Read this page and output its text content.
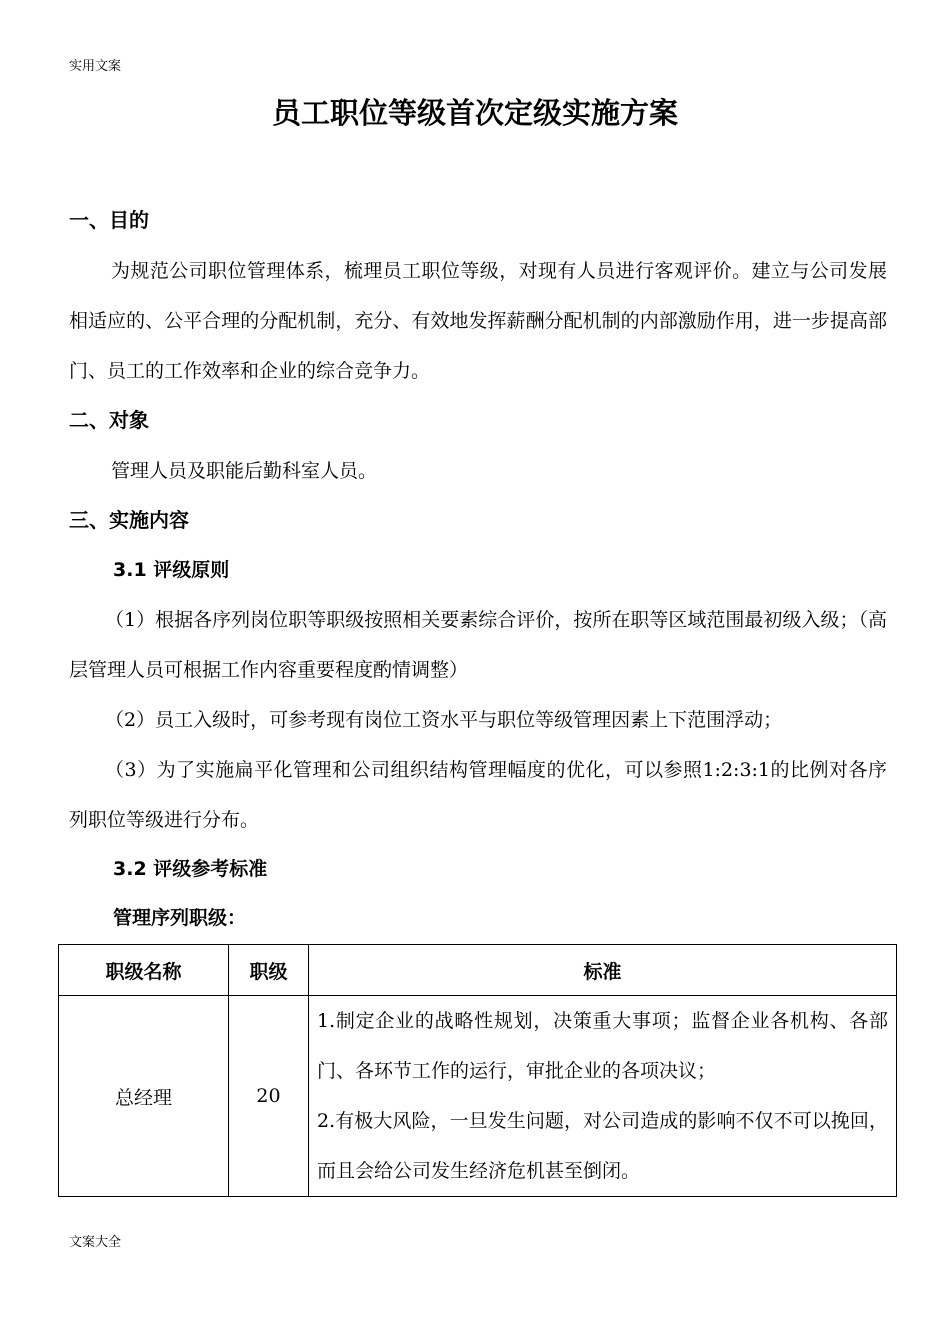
实用文案
员工职位等级首次定级实施方案
一、目的
为规范公司职位管理体系，梳理员工职位等级，对现有人员进行客观评价。建立与公司发展相适应的、公平合理的分配机制，充分、有效地发挥薪酬分配机制的内部激励作用，进一步提高部门、员工的工作效率和企业的综合竞争力。
二、对象
管理人员及职能后勤科室人员。
三、实施内容
3.1 评级原则
（1）根据各序列岗位职等职级按照相关要素综合评价，按所在职等区域范围最初级入级；（高层管理人员可根据工作内容重要程度酌情调整）
（2）员工入级时，可参考现有岗位工资水平与职位等级管理因素上下范围浮动；
（3）为了实施扁平化管理和公司组织结构管理幅度的优化，可以参照1:2:3:1的比例对各序列职位等级进行分布。
3.2 评级参考标准
管理序列职级：
职级名称	职级	标准
总经理	20	1.制定企业的战略性规划，决策重大事项；监督企业各机构、各部门、各环节工作的运行，审批企业的各项决议；
2.有极大风险，一旦发生问题，对公司造成的影响不仅不可以挽回，而且会给公司发生经济危机甚至倒闭。
文案大全
